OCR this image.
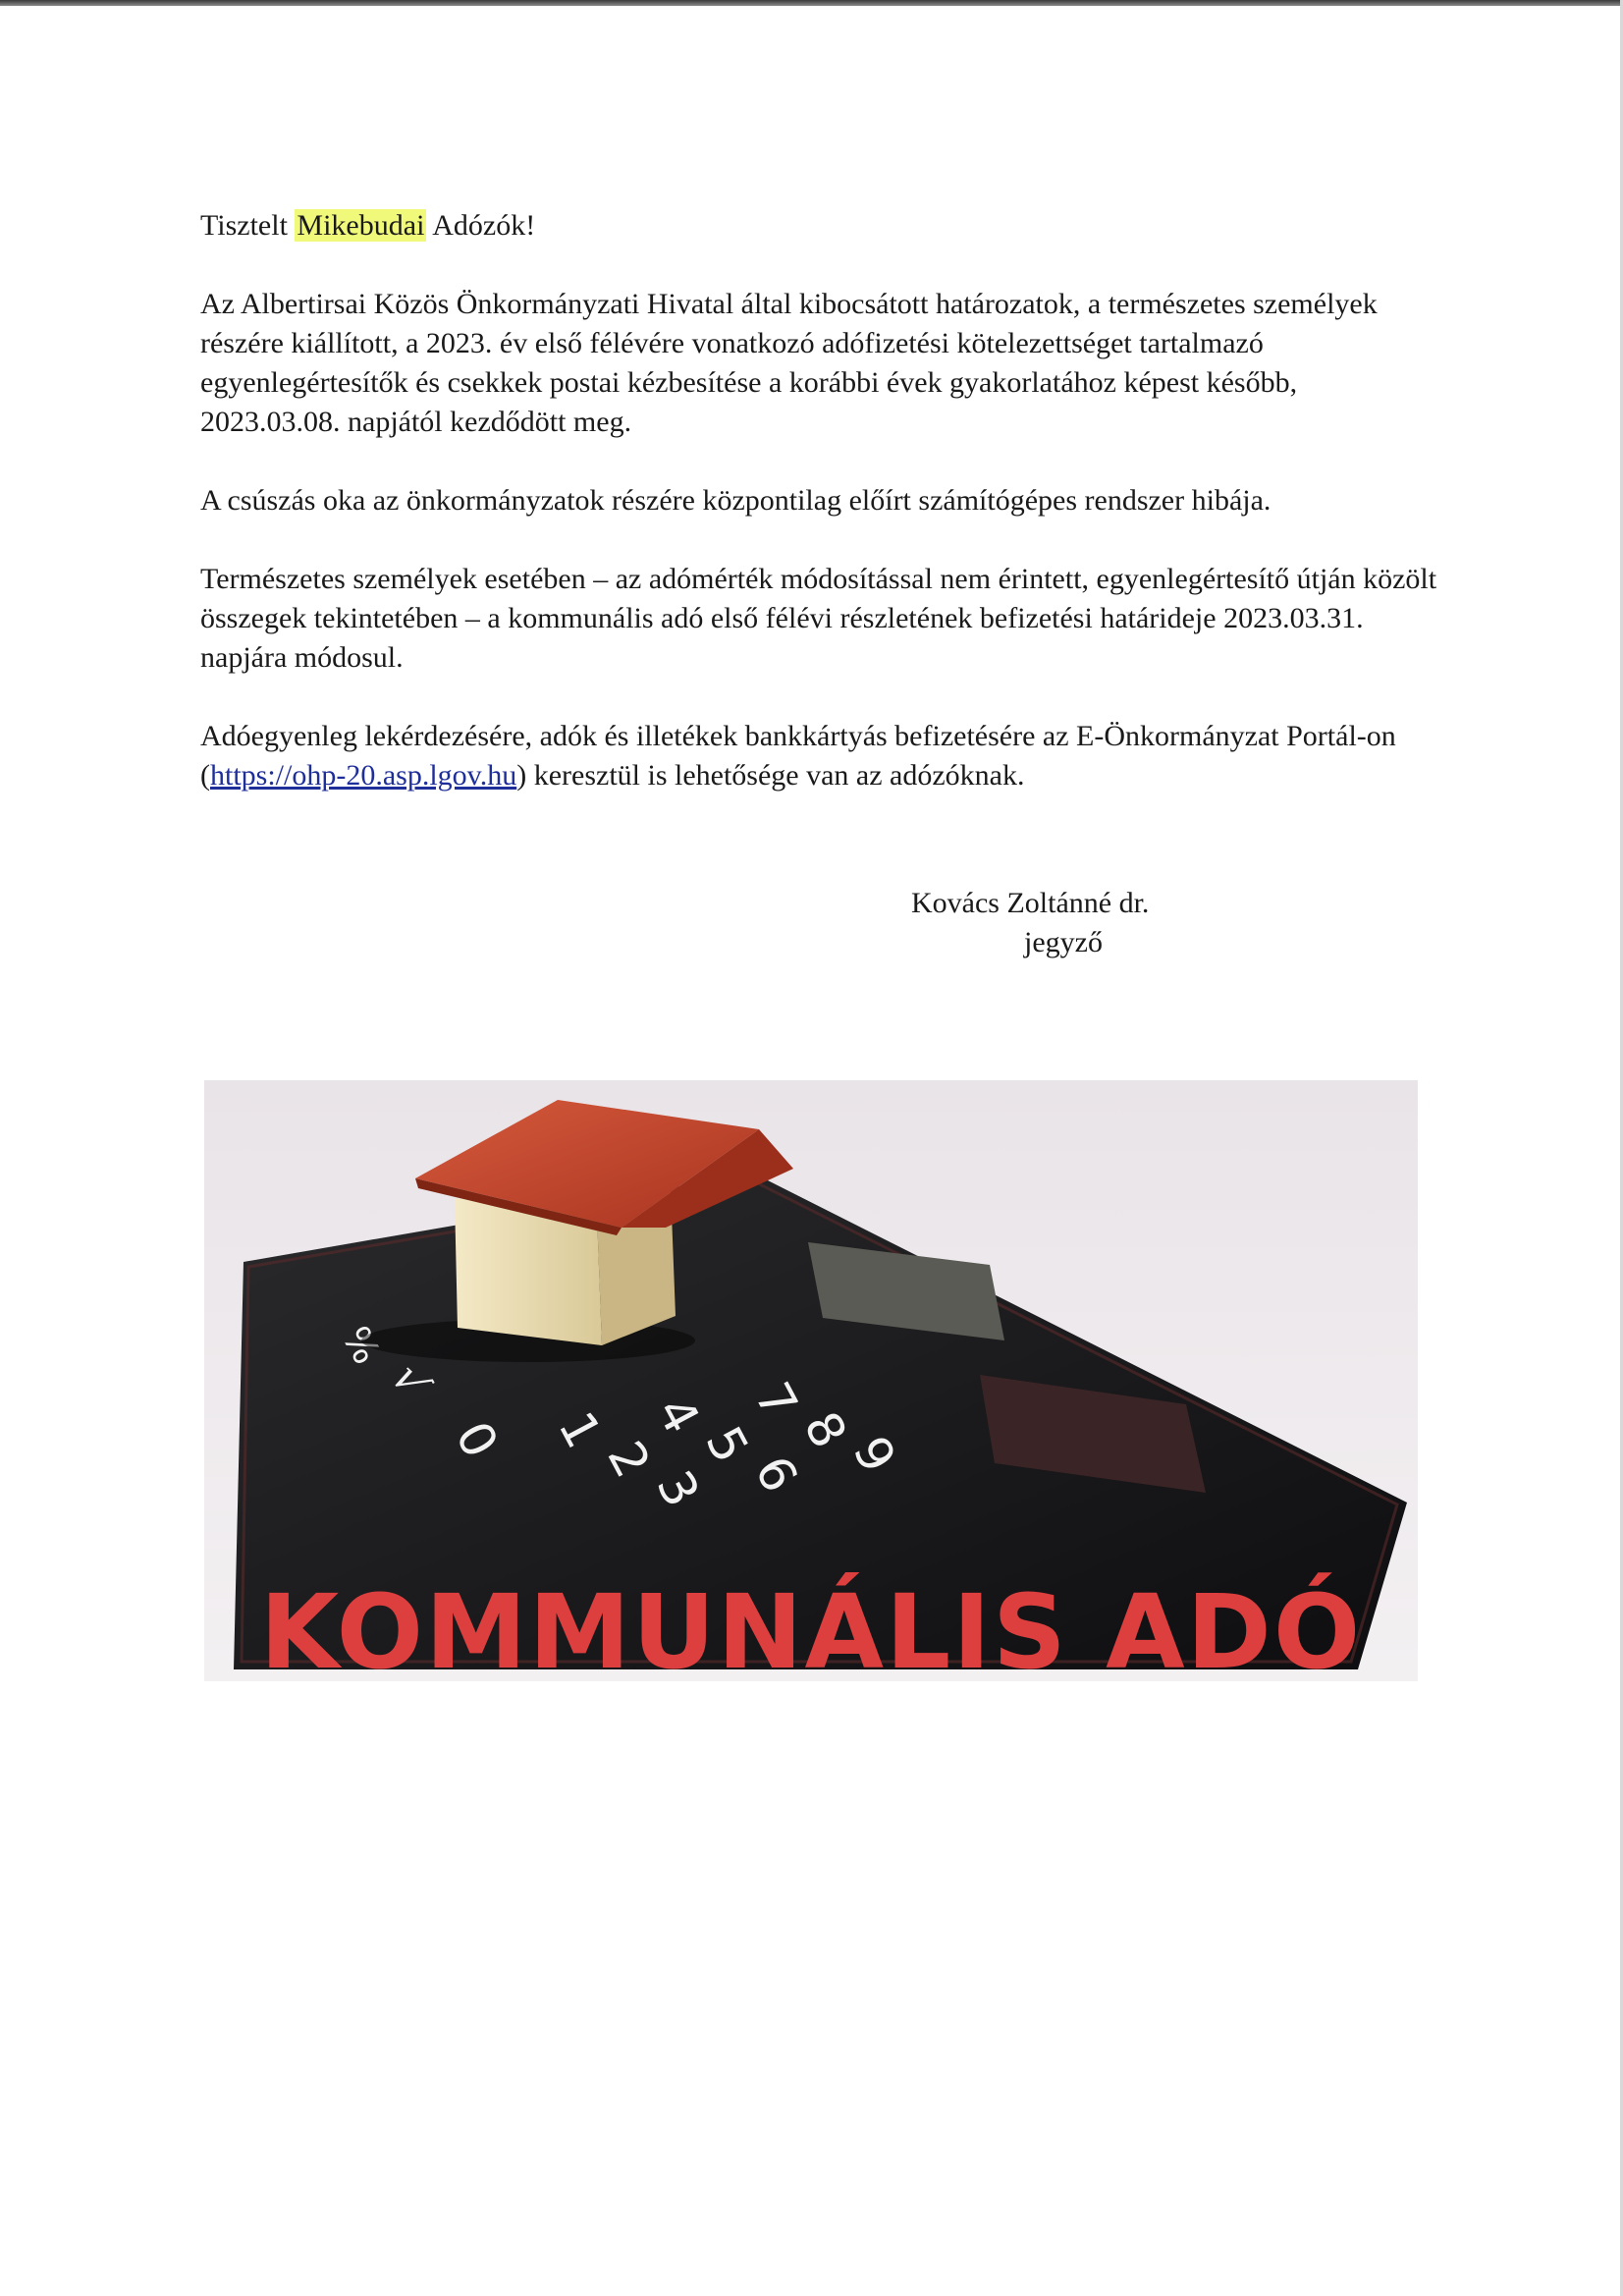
Tisztelt Mikebudai Adózók!

Az Albertirsai Közös Önkormányzati Hivatal által kibocsátott határozatok, a természetes személyek részére kiállított, a 2023. év első félévére vonatkozó adófizetési kötelezettséget tartalmazó egyenlegértesítők és csekkek postai kézbesítése a korábbi évek gyakorlatához képest később, 2023.03.08. napjától kezdődött meg.

A csúszás oka az önkormányzatok részére központilag előírt számítógépes rendszer hibája.

Természetes személyek esetében – az adómérték módosítással nem érintett, egyenlegértesítő útján közölt összegek tekintetében – a kommunális adó első félévi részletének befizetési határideje 2023.03.31. napjára módosul.

Adóegyenleg lekérdezésére, adók és illetékek bankkártyás befizetésére az E-Önkormányzat Portál-on (https://ohp-20.asp.lgov.hu) keresztül is lehetősége van az adózóknak.

Kovács Zoltánné dr.
jegyző
7
8
9
4
5
6
1
2
3
0
√
%
KOMMUNÁLIS ADÓ
